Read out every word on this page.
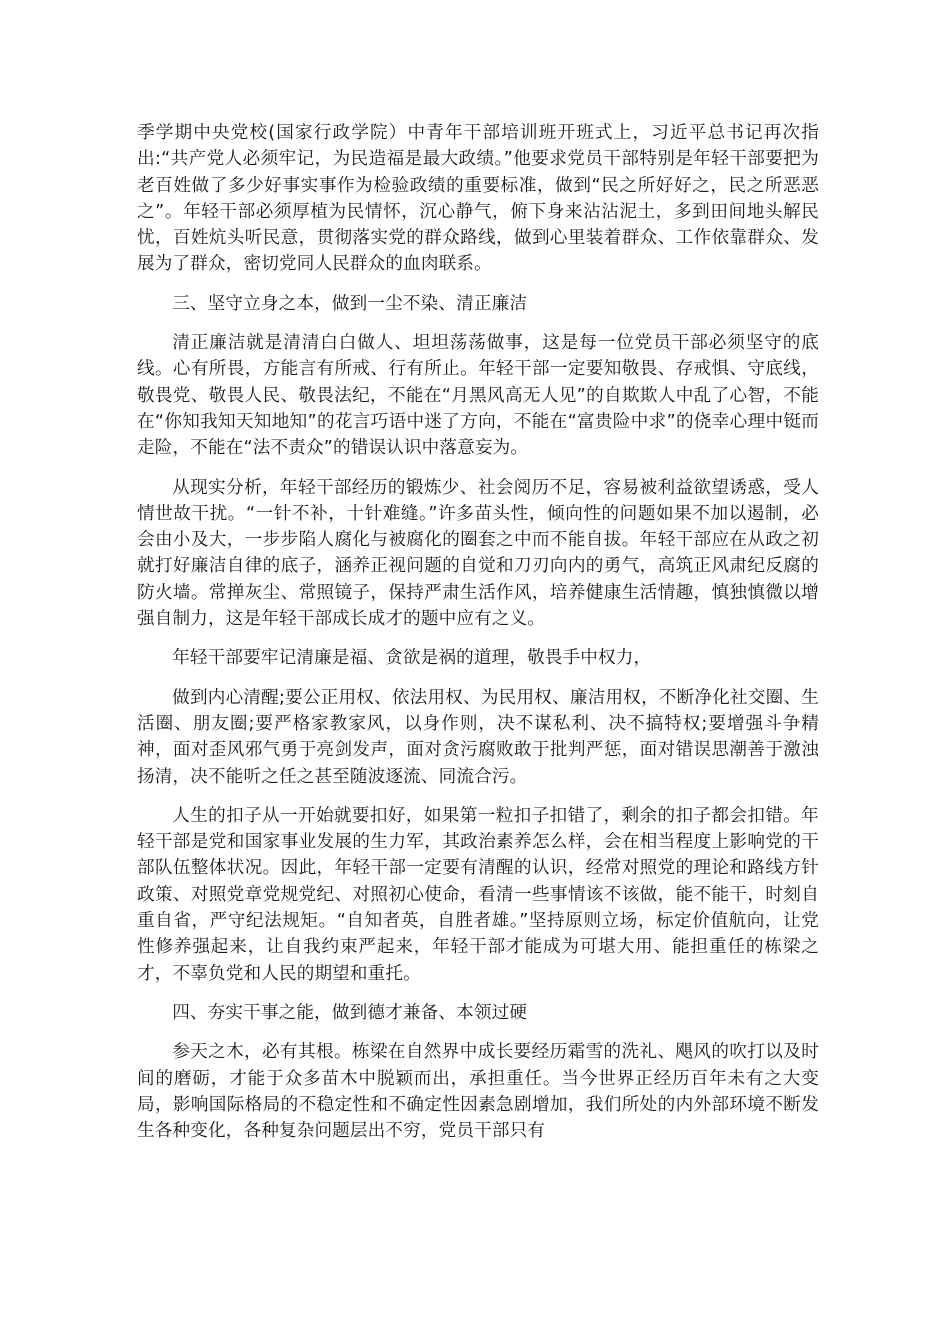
季学期中央党校(国家行政学院）中青年干部培训班开班式上，习近平总书记再次指出:“共产党人必须牢记，为民造福是最大政绩。”他要求党员干部特别是年轻干部要把为老百姓做了多少好事实事作为检验政绩的重要标准，做到“民之所好好之，民之所恶恶之”。年轻干部必须厚植为民情怀，沉心静气，俯下身来沾沾泥土，多到田间地头解民忧，百姓炕头听民意，贯彻落实党的群众路线，做到心里装着群众、工作依靠群众、发展为了群众，密切党同人民群众的血肉联系。

三、坚守立身之本，做到一尘不染、清正廉洁

清正廉洁就是清清白白做人、坦坦荡荡做事，这是每一位党员干部必须坚守的底线。心有所畏，方能言有所戒、行有所止。年轻干部一定要知敬畏、存戒惧、守底线，敬畏党、敬畏人民、敬畏法纪，不能在“月黑风高无人见”的自欺欺人中乱了心智，不能在“你知我知天知地知”的花言巧语中迷了方向，不能在“富贵险中求”的侥幸心理中铤而走险，不能在“法不责众”的错误认识中落意妄为。

从现实分析，年轻干部经历的锻炼少、社会阅历不足，容易被利益欲望诱惑，受人情世故干扰。“一针不补，十针难缝。”许多苗头性，倾向性的问题如果不加以遏制，必会由小及大，一步步陷人腐化与被腐化的圈套之中而不能自拔。年轻干部应在从政之初就打好廉洁自律的底子，涵养正视问题的自觉和刀刃向内的勇气，高筑正风肃纪反腐的防火墙。常掸灰尘、常照镜子，保持严肃生活作风，培养健康生活情趣，慎独慎微以增强自制力，这是年轻干部成长成才的题中应有之义。

年轻干部要牢记清廉是福、贪欲是祸的道理，敬畏手中权力，

做到内心清醒;要公正用权、依法用权、为民用权、廉洁用权，不断净化社交圈、生活圈、朋友圈;要严格家教家风，以身作则，决不谋私利、决不搞特权;要增强斗争精神，面对歪风邪气勇于亮剑发声，面对贪污腐败敢于批判严惩，面对错误思潮善于激浊扬清，决不能听之任之甚至随波逐流、同流合污。

人生的扣子从一开始就要扣好，如果第一粒扣子扣错了，剩余的扣子都会扣错。年轻干部是党和国家事业发展的生力军，其政治素养怎么样，会在相当程度上影响党的干部队伍整体状况。因此，年轻干部一定要有清醒的认识，经常对照党的理论和路线方针政策、对照党章党规党纪、对照初心使命，看清一些事情该不该做，能不能干，时刻自重自省，严守纪法规矩。“自知者英，自胜者雄。”坚持原则立场，标定价值航向，让党性修养强起来，让自我约束严起来，年轻干部才能成为可堪大用、能担重任的栋梁之才，不辜负党和人民的期望和重托。

四、夯实干事之能，做到德才兼备、本领过硬

参天之木，必有其根。栋梁在自然界中成长要经历霜雪的洗礼、飓风的吹打以及时间的磨砺，才能于众多苗木中脱颖而出，承担重任。当今世界正经历百年未有之大变局，影响国际格局的不稳定性和不确定性因素急剧增加，我们所处的内外部环境不断发生各种变化，各种复杂问题层出不穷，党员干部只有
